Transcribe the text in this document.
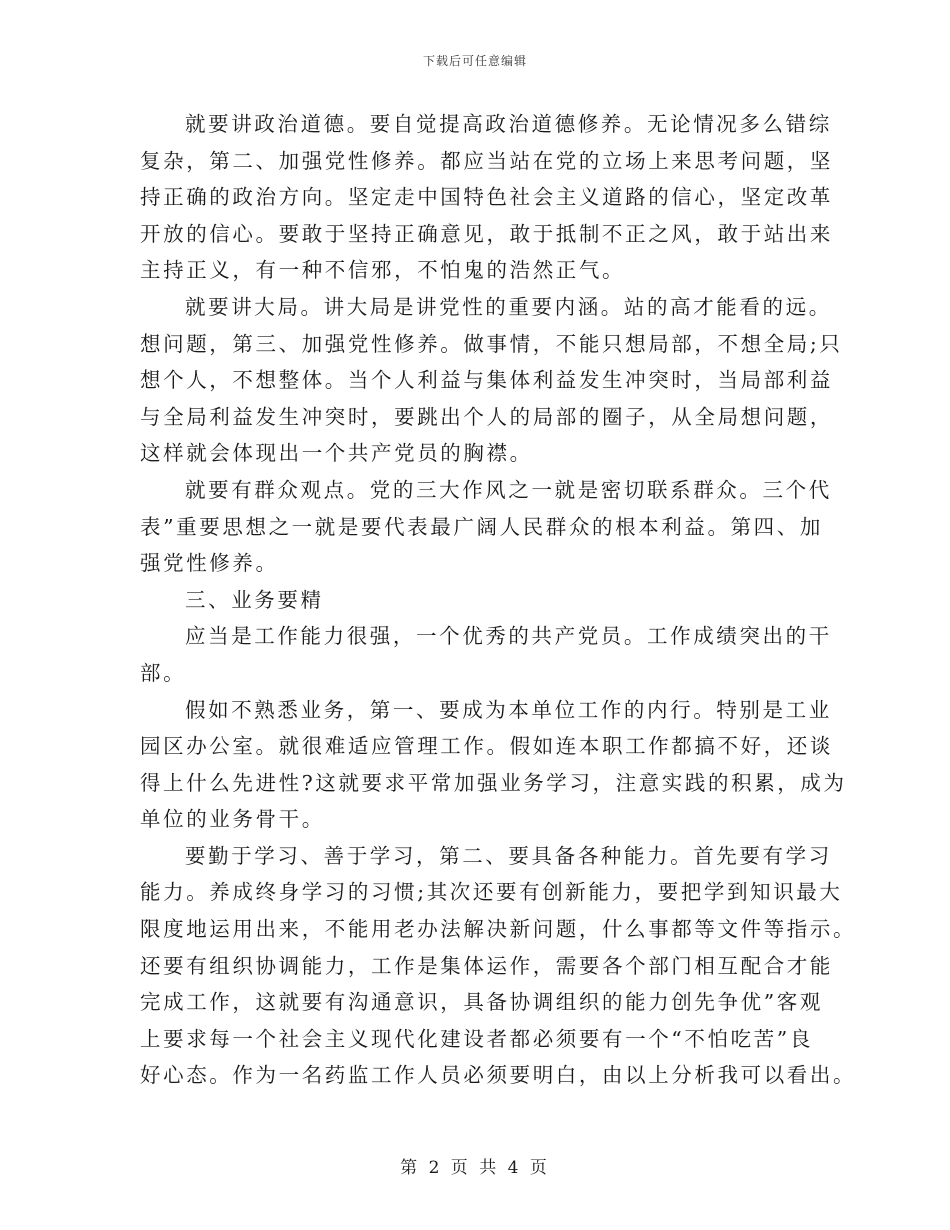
下载后可任意编辑
就要讲政治道德。要自觉提高政治道德修养。无论情况多么错综
复杂，第二、加强党性修养。都应当站在党的立场上来思考问题，坚
持正确的政治方向。坚定走中国特色社会主义道路的信心，坚定改革
开放的信心。要敢于坚持正确意见，敢于抵制不正之风，敢于站出来
主持正义，有一种不信邪，不怕鬼的浩然正气。
就要讲大局。讲大局是讲党性的重要内涵。站的高才能看的远。
想问题，第三、加强党性修养。做事情，不能只想局部，不想全局;只
想个人，不想整体。当个人利益与集体利益发生冲突时，当局部利益
与全局利益发生冲突时，要跳出个人的局部的圈子，从全局想问题，
这样就会体现出一个共产党员的胸襟。
就要有群众观点。党的三大作风之一就是密切联系群众。三个代
表”重要思想之一就是要代表最广阔人民群众的根本利益。第四、加
强党性修养。
三、业务要精
应当是工作能力很强，一个优秀的共产党员。工作成绩突出的干
部。
假如不熟悉业务，第一、要成为本单位工作的内行。特别是工业
园区办公室。就很难适应管理工作。假如连本职工作都搞不好，还谈
得上什么先进性?这就要求平常加强业务学习，注意实践的积累，成为
单位的业务骨干。
要勤于学习、善于学习，第二、要具备各种能力。首先要有学习
能力。养成终身学习的习惯;其次还要有创新能力，要把学到知识最大
限度地运用出来，不能用老办法解决新问题，什么事都等文件等指示。
还要有组织协调能力，工作是集体运作，需要各个部门相互配合才能
完成工作，这就要有沟通意识，具备协调组织的能力创先争优”客观
上要求每一个社会主义现代化建设者都必须要有一个“不怕吃苦”良
好心态。作为一名药监工作人员必须要明白，由以上分析我可以看出。
第 2 页 共 4 页
